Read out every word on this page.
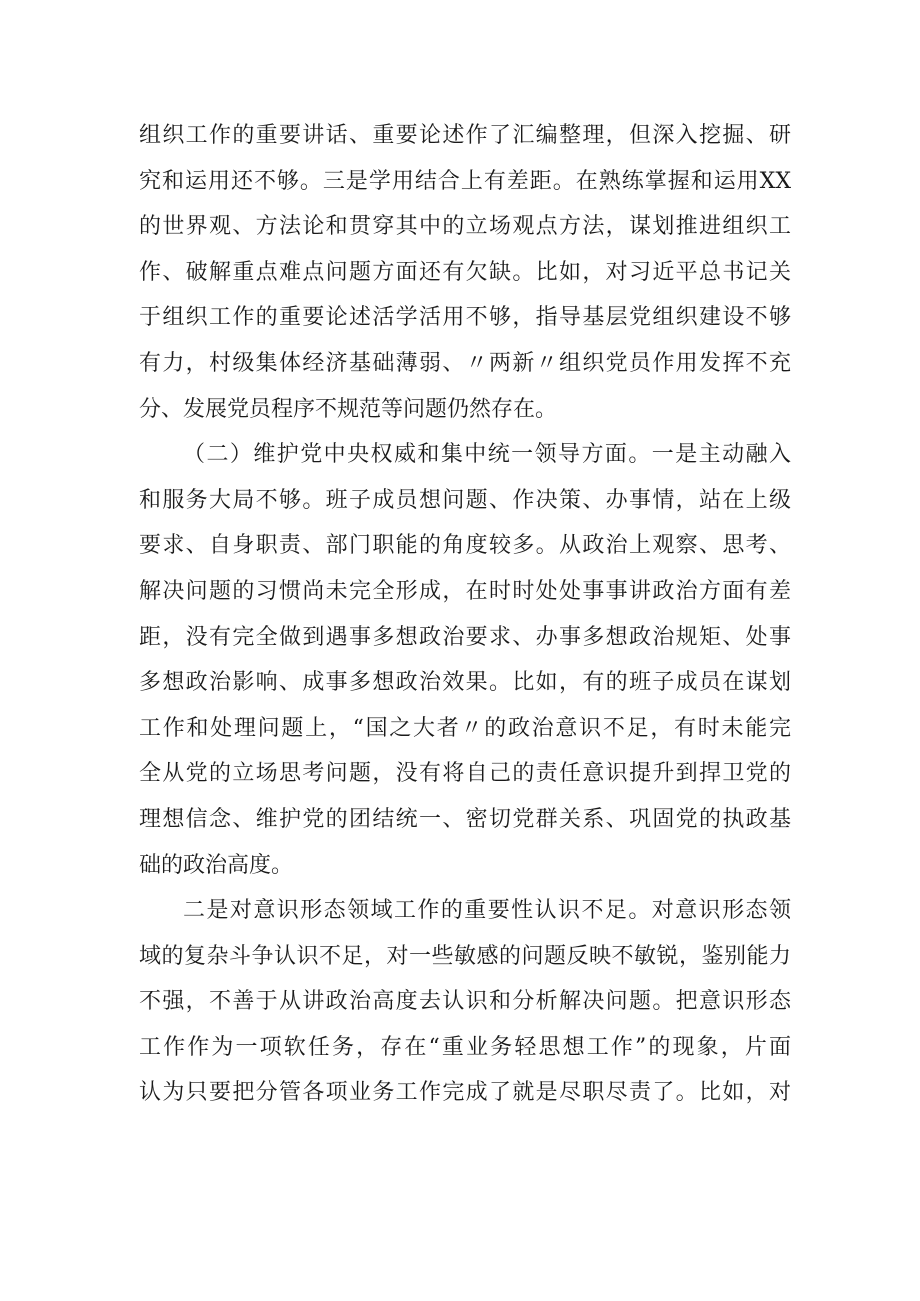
组织工作的重要讲话、重要论述作了汇编整理，但深入挖掘、研
究和运用还不够。三是学用结合上有差距。在熟练掌握和运用XX
的世界观、方法论和贯穿其中的立场观点方法，谋划推进组织工
作、破解重点难点问题方面还有欠缺。比如，对习近平总书记关
于组织工作的重要论述活学活用不够，指导基层党组织建设不够
有力，村级集体经济基础薄弱、〃两新〃组织党员作用发挥不充
分、发展党员程序不规范等问题仍然存在。
（二）维护党中央权威和集中统一领导方面。一是主动融入
和服务大局不够。班子成员想问题、作决策、办事情，站在上级
要求、自身职责、部门职能的角度较多。从政治上观察、思考、
解决问题的习惯尚未完全形成，在时时处处事事讲政治方面有差
距，没有完全做到遇事多想政治要求、办事多想政治规矩、处事
多想政治影响、成事多想政治效果。比如，有的班子成员在谋划
工作和处理问题上，“国之大者〃的政治意识不足，有时未能完
全从党的立场思考问题，没有将自己的责任意识提升到捍卫党的
理想信念、维护党的团结统一、密切党群关系、巩固党的执政基
础的政治高度。
二是对意识形态领域工作的重要性认识不足。对意识形态领
域的复杂斗争认识不足，对一些敏感的问题反映不敏锐，鉴别能力
不强，不善于从讲政治高度去认识和分析解决问题。把意识形态
工作作为一项软任务，存在“重业务轻思想工作”的现象，片面
认为只要把分管各项业务工作完成了就是尽职尽责了。比如，对
